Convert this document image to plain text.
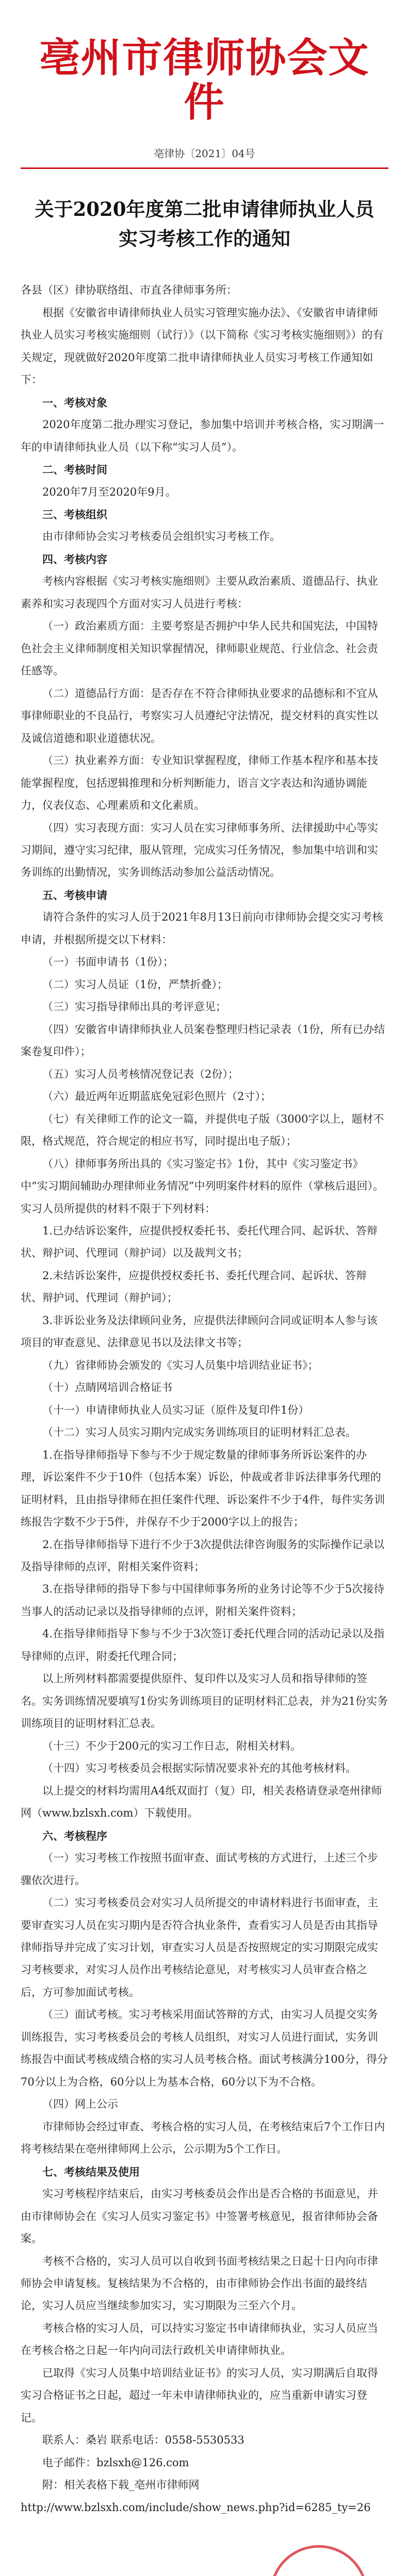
亳州市律师协会文件
亳律协〔2021〕04号
关于2020年度第二批申请律师执业人员
实习考核工作的通知

各县（区）律协联络组、市直各律师事务所：

根据《安徽省申请律师执业人员实习管理实施办法》、《安徽省申请律师执业人员实习考核实施细则（试行）》（以下简称《实习考核实施细则》）的有关规定，现就做好2020年度第二批申请律师执业人员实习考核工作通知如下：

一、考核对象

2020年度第二批办理实习登记，参加集中培训并考核合格，实习期满一年的申请律师执业人员（以下称“实习人员”）。

二、考核时间

2020年7月至2020年9月。

三、考核组织

由市律师协会实习考核委员会组织实习考核工作。

四、考核内容

考核内容根据《实习考核实施细则》主要从政治素质、道德品行、执业素养和实习表现四个方面对实习人员进行考核：

（一）政治素质方面：主要考察是否拥护中华人民共和国宪法，中国特色社会主义律师制度相关知识掌握情况，律师职业规范、行业信念、社会责任感等。

（二）道德品行方面：是否存在不符合律师执业要求的品德标和不宜从事律师职业的不良品行，考察实习人员遵纪守法情况，提交材料的真实性以及诚信道德和职业道德状况。

（三）执业素养方面：专业知识掌握程度，律师工作基本程序和基本技能掌握程度，包括逻辑推理和分析判断能力，语言文字表达和沟通协调能力，仪表仪态、心理素质和文化素质。

（四）实习表现方面：实习人员在实习律师事务所、法律援助中心等实习期间，遵守实习纪律，服从管理，完成实习任务情况，参加集中培训和实务训练的出勤情况，实务训练活动参加公益活动情况。

五、考核申请

请符合条件的实习人员于2021年8月13日前向市律师协会提交实习考核申请，并根据所提交以下材料：

（一）书面申请书（1份）；

（二）实习人员证（1份，严禁折叠）；

（三）实习指导律师出具的考评意见；

（四）安徽省申请律师执业人员案卷整理归档记录表（1份，所有已办结案卷复印件）；

（五）实习人员考核情况登记表（2份）；

（六）最近两年近期蓝底免冠彩色照片（2寸）；

（七）有关律师工作的论文一篇，并提供电子版（3000字以上，题材不限，格式规范，符合规定的相应书写，同时提出电子版）；

（八）律师事务所出具的《实习鉴定书》1份，其中《实习鉴定书》中“实习期间辅助办理律师业务情况”中列明案件材料的原件（掌核后退回）。实习人员所提供的材料不限于下列材料：

1.已办结诉讼案件，应提供授权委托书、委托代理合同、起诉状、答辩状、辩护词、代理词（辩护词）以及裁判文书；

2.未结诉讼案件，应提供授权委托书、委托代理合同、起诉状、答辩状、辩护词、代理词（辩护词）；

3.非诉讼业务及法律顾问业务，应提供法律顾问合同或证明本人参与该项目的审查意见、法律意见书以及法律文书等；

（九）省律师协会颁发的《实习人员集中培训结业证书》；

（十）点睛网培训合格证书

（十一）申请律师执业人员实习证（原件及复印件1份）

（十二）实习人员实习期内完成实务训练项目的证明材料汇总表。

1.在指导律师指导下参与不少于规定数量的律师事务所诉讼案件的办理，诉讼案件不少于10件（包括本案）诉讼，仲裁或者非诉法律事务代理的证明材料，且由指导律师在担任案件代理、诉讼案件不少于4件，每件实务训练报告字数不少于5件，并保存不少于2000字以上的报告；

2.在指导律师指导下进行不少于3次提供法律咨询服务的实际操作记录以及指导律师的点评，附相关案件资料；

3.在指导律师的指导下参与中国律师事务所的业务讨论等不少于5次接待当事人的活动记录以及指导律师的点评，附相关案件资料；

4.在指导律师指导下参与不少于3次签订委托代理合同的活动记录以及指导律师的点评，附委托代理合同；

以上所列材料都需要提供原件、复印件以及实习人员和指导律师的签名。实务训练情况要填写1份实务训练项目的证明材料汇总表，并为21份实务训练项目的证明材料汇总表。

（十三）不少于200元的实习工作日志，附相关材料。

（十四）实习考核委员会根据实际情况要求补充的其他考核材料。

以上提交的材料均需用A4纸双面打（复）印，相关表格请登录亳州律师网（www.bzlsxh.com）下载使用。

六、考核程序

（一）实习考核工作按照书面审查、面试考核的方式进行，上述三个步骤依次进行。

（二）实习考核委员会对实习人员所提交的申请材料进行书面审查，主要审查实习人员在实习期内是否符合执业条件，查看实习人员是否由其指导律师指导并完成了实习计划，审查实习人员是否按照规定的实习期限完成实习考核要求，对实习人员作出考核结论意见，对考核实习人员审查合格之后，方可参加面试考核。

（三）面试考核。实习考核采用面试答辩的方式，由实习人员提交实务训练报告，实习考核委员会的考核人员组织，对实习人员进行面试，实务训练报告中面试考核成绩合格的实习人员考核合格。面试考核满分100分，得分70分以上为合格，60分以上为基本合格，60分以下为不合格。

（四）网上公示

市律师协会经过审查、考核合格的实习人员，在考核结束后7个工作日内将考核结果在亳州律师网上公示，公示期为5个工作日。

七、考核结果及使用

实习考核程序结束后，由实习考核委员会作出是否合格的书面意见，并由市律师协会在《实习人员实习鉴定书》中签署考核意见，报省律师协会备案。

考核不合格的，实习人员可以自收到书面考核结果之日起十日内向市律师协会申请复核。复核结果为不合格的，由市律师协会作出书面的最终结论，实习人员应当继续参加实习，实习期限为三至六个月。

考核合格的实习人员，可以持实习鉴定书申请律师执业，实习人员应当在考核合格之日起一年内向司法行政机关申请律师执业。

已取得《实习人员集中培训结业证书》的实习人员，实习期满后自取得实习合格证书之日起，超过一年未申请律师执业的，应当重新申请实习登记。

联系人：桑岩 联系电话：0558-5530533

电子邮件：bzlsxh@126.com

附：相关表格下载_亳州市律师网 http://www.bzlsxh.com/include/show_news.php?id=6285_ty=26
